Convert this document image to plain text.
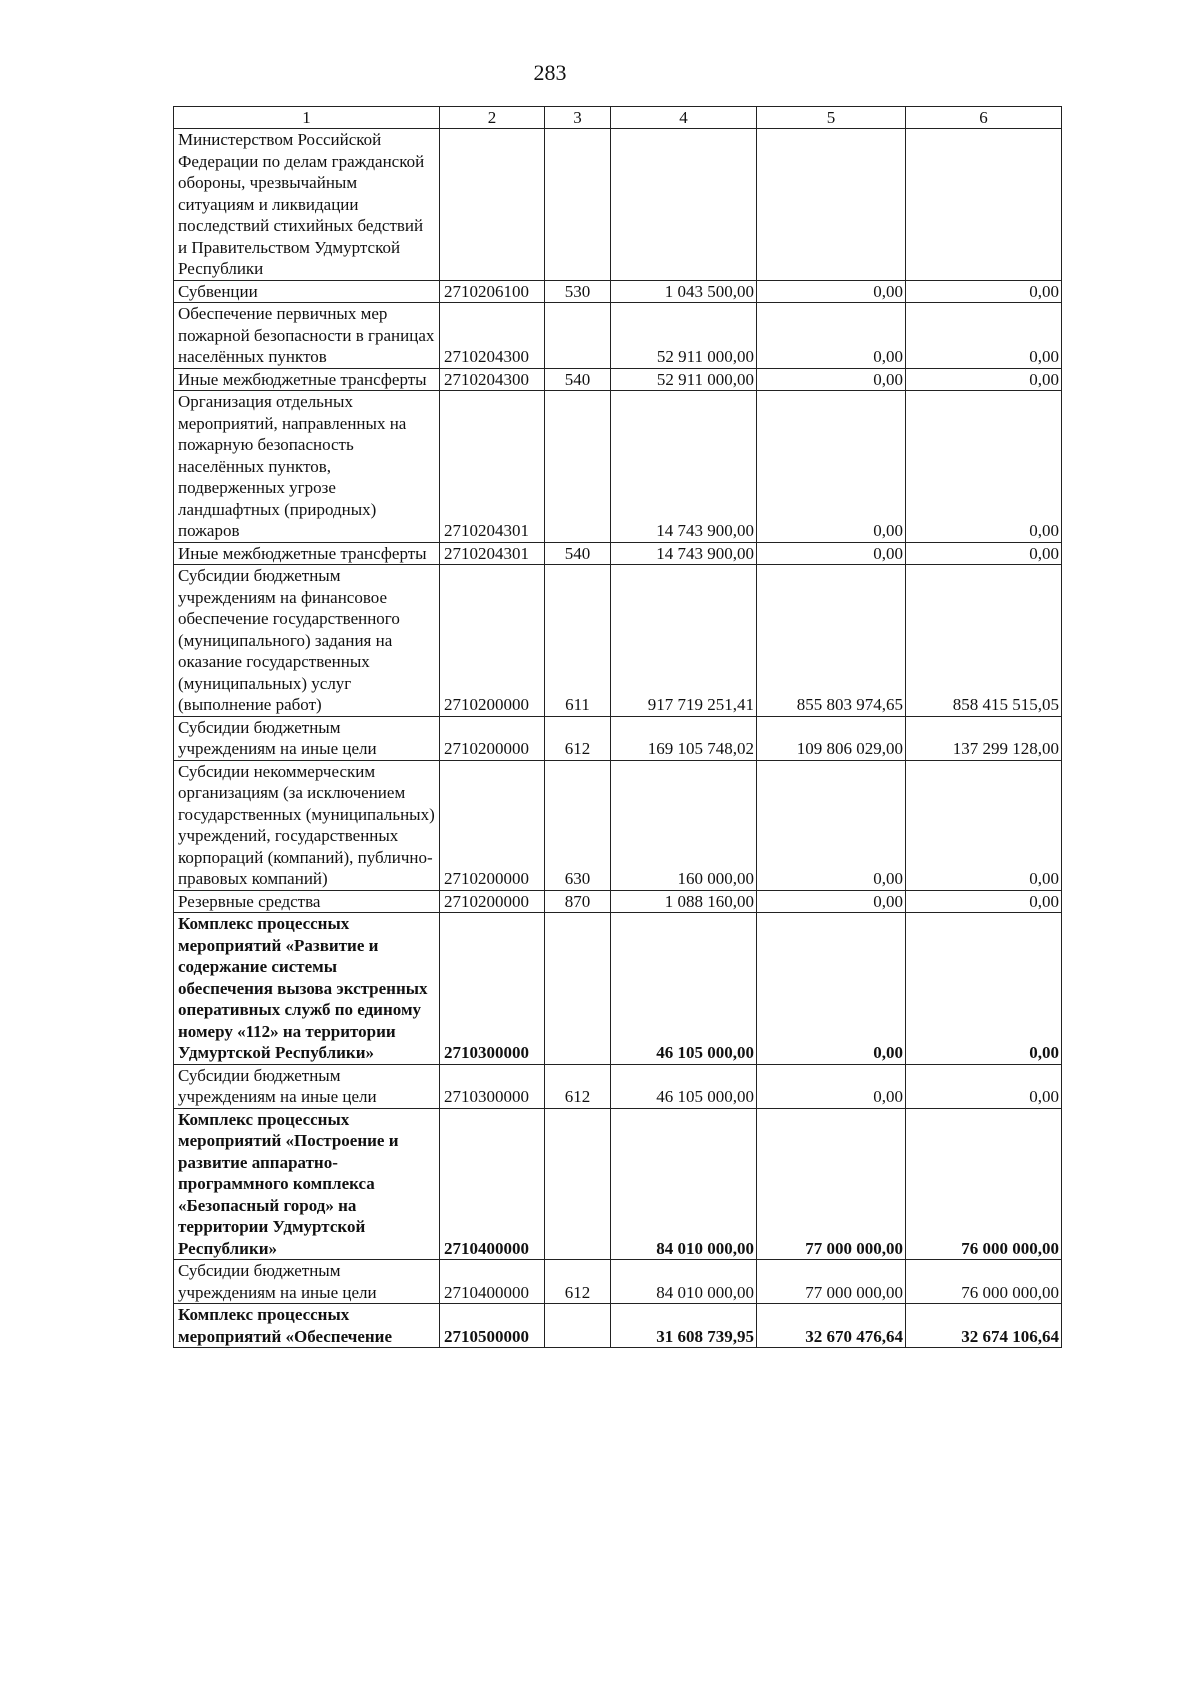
283
1	2	3	4	5	6
Министерством Российской Федерации по делам гражданской обороны, чрезвычайным ситуациям и ликвидации последствий стихийных бедствий и Правительством Удмуртской Республики					
Субвенции	2710206100	530	1 043 500,00	0,00	0,00
Обеспечение первичных мер пожарной безопасности в границах населённых пунктов	2710204300		52 911 000,00	0,00	0,00
Иные межбюджетные трансферты	2710204300	540	52 911 000,00	0,00	0,00
Организация отдельных мероприятий, направленных на пожарную безопасность населённых пунктов, подверженных угрозе ландшафтных (природных) пожаров	2710204301		14 743 900,00	0,00	0,00
Иные межбюджетные трансферты	2710204301	540	14 743 900,00	0,00	0,00
Субсидии бюджетным учреждениям на финансовое обеспечение государственного (муниципального) задания на оказание государственных (муниципальных) услуг (выполнение работ)	2710200000	611	917 719 251,41	855 803 974,65	858 415 515,05
Субсидии бюджетным учреждениям на иные цели	2710200000	612	169 105 748,02	109 806 029,00	137 299 128,00
Субсидии некоммерческим организациям (за исключением государственных (муниципальных) учреждений, государственных корпораций (компаний), публично-правовых компаний)	2710200000	630	160 000,00	0,00	0,00
Резервные средства	2710200000	870	1 088 160,00	0,00	0,00
Комплекс процессных мероприятий «Развитие и содержание системы обеспечения вызова экстренных оперативных служб по единому номеру «112» на территории Удмуртской Республики»	2710300000		46 105 000,00	0,00	0,00
Субсидии бюджетным учреждениям на иные цели	2710300000	612	46 105 000,00	0,00	0,00
Комплекс процессных мероприятий «Построение и развитие аппаратно-программного комплекса «Безопасный город» на территории Удмуртской Республики»	2710400000		84 010 000,00	77 000 000,00	76 000 000,00
Субсидии бюджетным учреждениям на иные цели	2710400000	612	84 010 000,00	77 000 000,00	76 000 000,00
Комплекс процессных мероприятий «Обеспечение	2710500000		31 608 739,95	32 670 476,64	32 674 106,64
